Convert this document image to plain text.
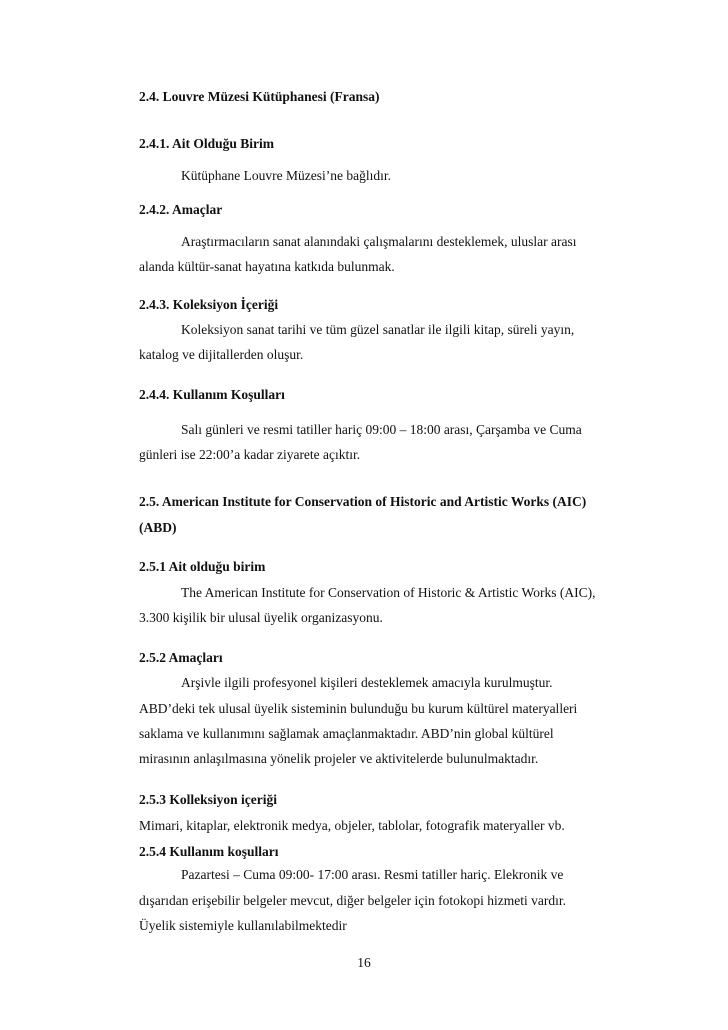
2.4. Louvre Müzesi Kütüphanesi (Fransa)
2.4.1. Ait Olduğu Birim
Kütüphane Louvre Müzesi’ne bağlıdır.
2.4.2. Amaçlar
Araştırmacıların sanat alanındaki çalışmalarını desteklemek, uluslar arası
alanda kültür-sanat hayatına katkıda bulunmak.
2.4.3. Koleksiyon İçeriği
Koleksiyon sanat tarihi ve tüm güzel sanatlar ile ilgili kitap, süreli yayın,
katalog ve dijitallerden oluşur.
2.4.4. Kullanım Koşulları
Salı günleri ve resmi tatiller hariç 09:00 – 18:00 arası, Çarşamba ve Cuma
günleri ise 22:00’a kadar ziyarete açıktır.
2.5. American Institute for Conservation of Historic and Artistic Works (AIC)
(ABD)
2.5.1 Ait olduğu birim
The American Institute for Conservation of Historic & Artistic Works (AIC),
3.300 kişilik bir ulusal üyelik organizasyonu.
2.5.2 Amaçları
Arşivle ilgili profesyonel kişileri desteklemek amacıyla kurulmuştur.
ABD’deki tek ulusal üyelik sisteminin bulunduğu bu kurum kültürel materyalleri
saklama ve kullanımını sağlamak amaçlanmaktadır. ABD’nin global kültürel
mirasının anlaşılmasına yönelik projeler ve aktivitelerde bulunulmaktadır.
2.5.3 Kolleksiyon içeriği
Mimari, kitaplar, elektronik medya, objeler, tablolar, fotografik materyaller vb.
2.5.4 Kullanım koşulları
Pazartesi – Cuma 09:00- 17:00 arası. Resmi tatiller hariç. Elekronik ve
dışarıdan erişebilir belgeler mevcut, diğer belgeler için fotokopi hizmeti vardır.
Üyelik sistemiyle kullanılabilmektedir
16
